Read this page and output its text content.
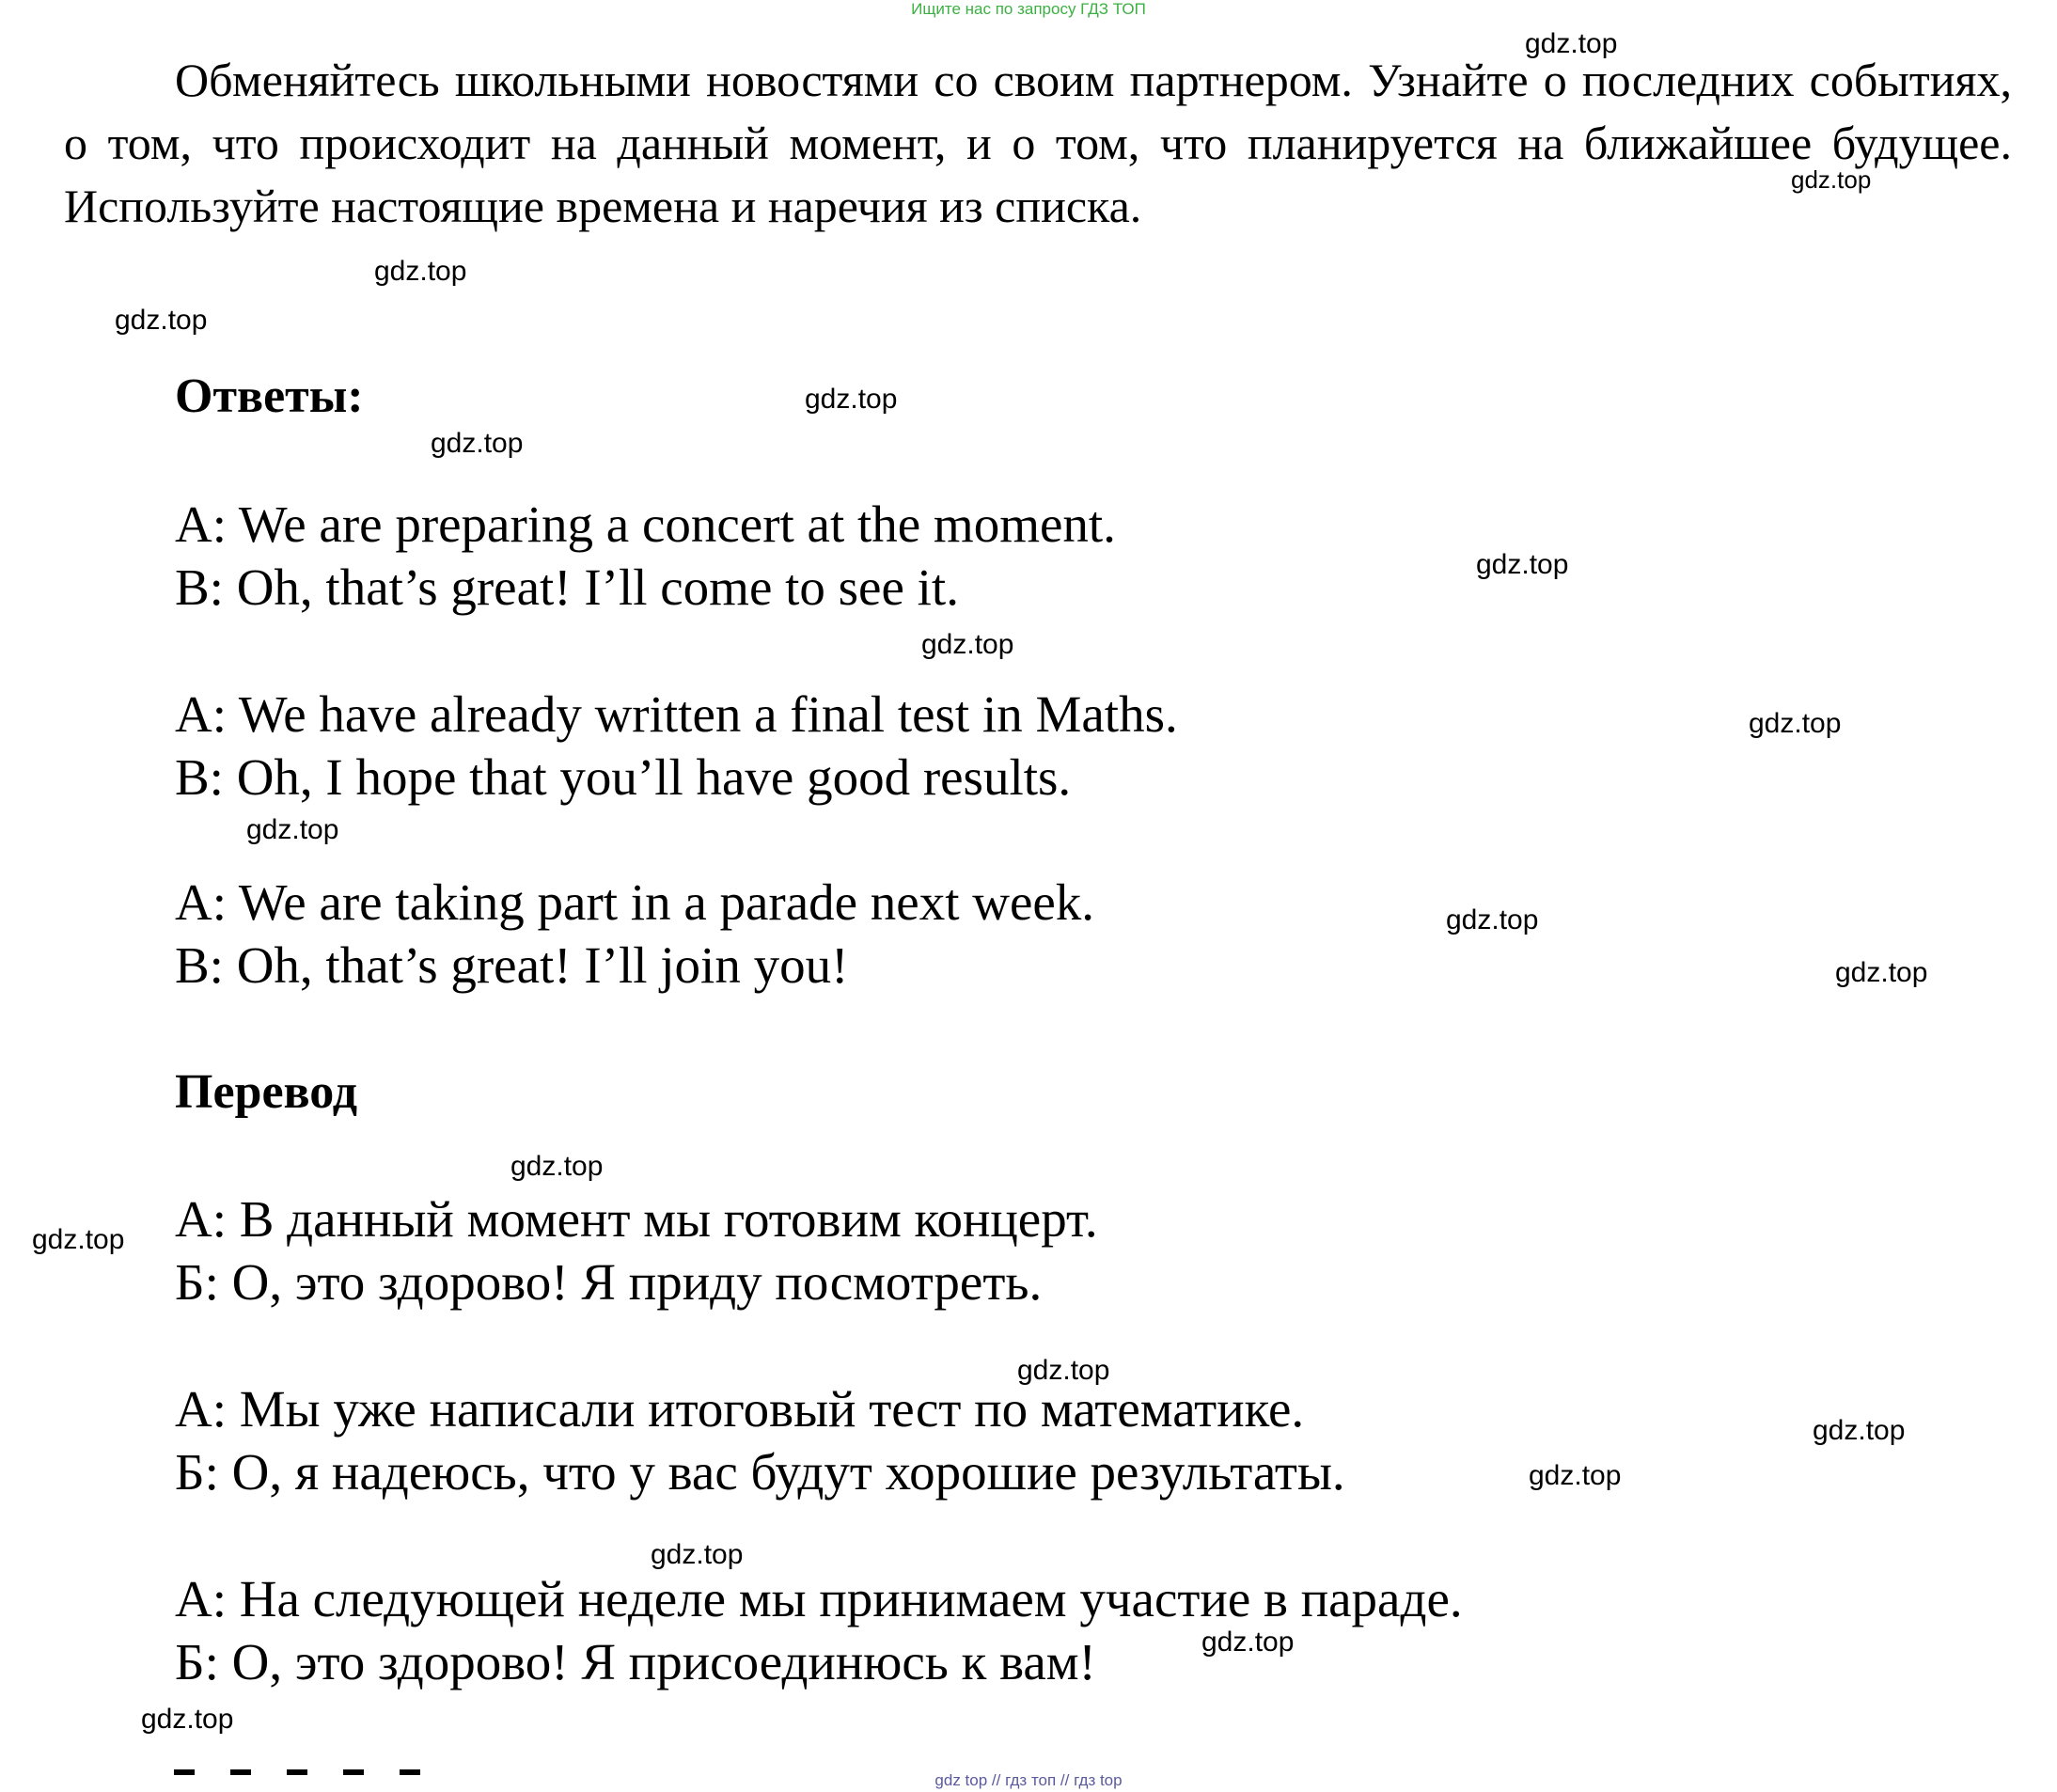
Ищите нас по запросу ГДЗ ТОП
Обменяйтесь школьными новостями со своим партнером. Узнайте о последних событиях, о том, что происходит на данный момент, и о том, что планируется на ближайшее будущее. Используйте настоящие времена и наречия из списка.
Ответы:
A: We are preparing a concert at the moment.
B: Oh, that’s great! I’ll come to see it.
A: We have already written a final test in Maths.
B: Oh, I hope that you’ll have good results.
A: We are taking part in a parade next week.
B: Oh, that’s great! I’ll join you!
Перевод
А: В данный момент мы готовим концерт.
Б: О, это здорово! Я приду посмотреть.
А: Мы уже написали итоговый тест по математике.
Б: О, я надеюсь, что у вас будут хорошие результаты.
А: На следующей неделе мы принимаем участие в параде.
Б: О, это здорово! Я присоединюсь к вам!
gdz.top
gdz.top
gdz.top
gdz.top
gdz.top
gdz.top
gdz.top
gdz.top
gdz.top
gdz.top
gdz.top
gdz.top
gdz.top
gdz.top
gdz.top
gdz.top
gdz.top
gdz.top
gdz.top
gdz.top
gdz top // гдз топ // гдз top
